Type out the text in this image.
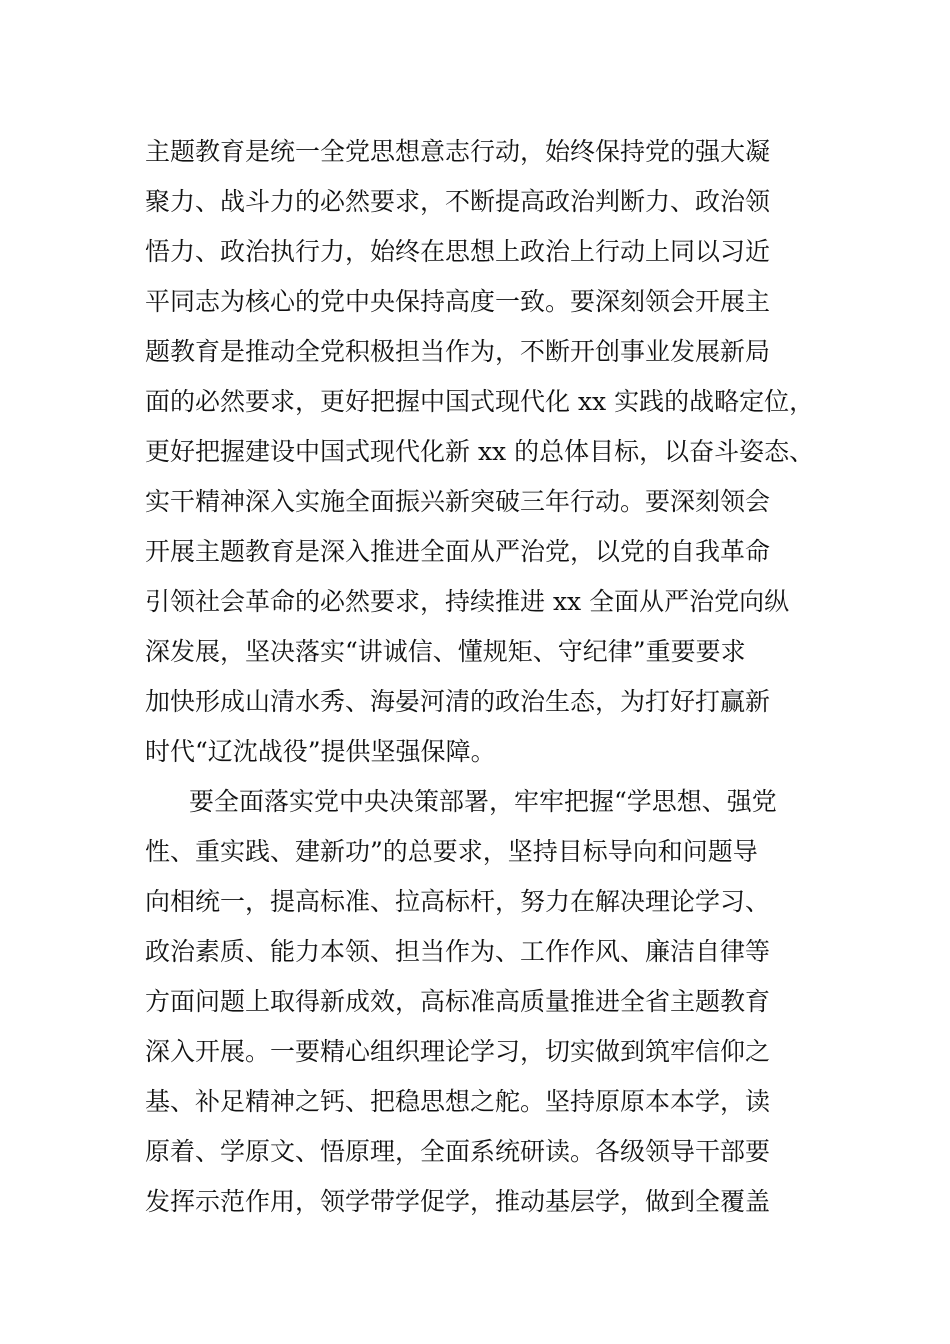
主题教育是统一全党思想意志行动，始终保持党的强大凝
聚力、战斗力的必然要求，不断提高政治判断力、政治领
悟力、政治执行力，始终在思想上政治上行动上同以习近
平同志为核心的党中央保持高度一致。要深刻领会开展主
题教育是推动全党积极担当作为，不断开创事业发展新局
面的必然要求，更好把握中国式现代化 xx 实践的战略定位，
更好把握建设中国式现代化新 xx 的总体目标，以奋斗姿态、
实干精神深入实施全面振兴新突破三年行动。要深刻领会
开展主题教育是深入推进全面从严治党，以党的自我革命
引领社会革命的必然要求，持续推进 xx 全面从严治党向纵
深发展，坚决落实“讲诚信、懂规矩、守纪律”重要要求
加快形成山清水秀、海晏河清的政治生态，为打好打赢新
时代“辽沈战役”提供坚强保障。
要全面落实党中央决策部署，牢牢把握“学思想、强党
性、重实践、建新功”的总要求，坚持目标导向和问题导
向相统一，提高标准、拉高标杆，努力在解决理论学习、
政治素质、能力本领、担当作为、工作作风、廉洁自律等
方面问题上取得新成效，高标准高质量推进全省主题教育
深入开展。一要精心组织理论学习，切实做到筑牢信仰之
基、补足精神之钙、把稳思想之舵。坚持原原本本学，读
原着、学原文、悟原理，全面系统研读。各级领导干部要
发挥示范作用，领学带学促学，推动基层学，做到全覆盖
